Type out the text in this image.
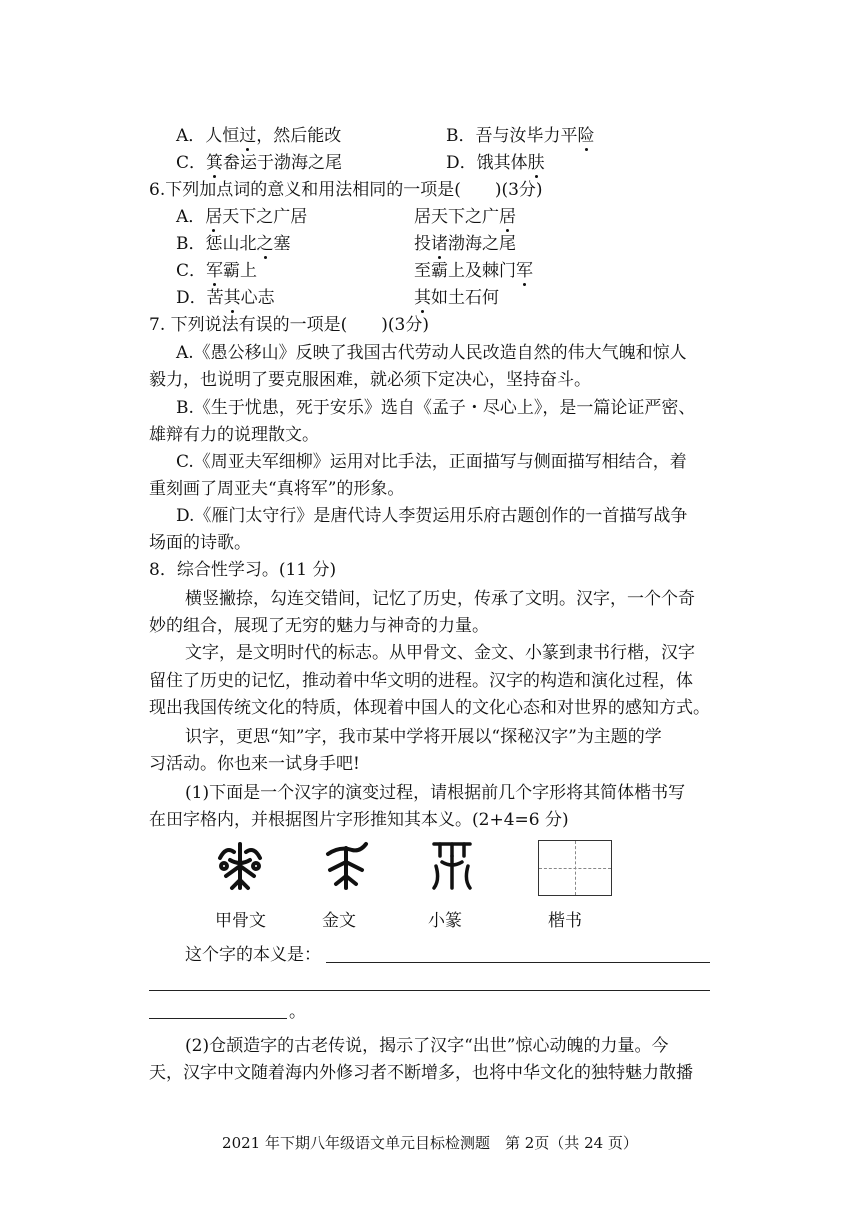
A．人恒过，然后能改	B．吾与汝毕力平险
C．箕畚运于渤海之尾	D．饿其体肤
6.下列加点词的意义和用法相同的一项是(　　)(3分)
A．居天下之广居	居天下之广居
B．惩山北之塞	投诸渤海之尾
C．军霸上	至霸上及棘门军
D．苦其心志	其如土石何
7. 下列说法有误的一项是(　　)(3分)
A.《愚公移山》反映了我国古代劳动人民改造自然的伟大气魄和惊人
毅力，也说明了要克服困难，就必须下定决心，坚持奋斗。
B.《生于忧患，死于安乐》选自《孟子・尽心上》，是一篇论证严密、
雄辩有力的说理散文。
C.《周亚夫军细柳》运用对比手法，正面描写与侧面描写相结合，着
重刻画了周亚夫“真将军”的形象。
D.《雁门太守行》是唐代诗人李贺运用乐府古题创作的一首描写战争
场面的诗歌。
8．综合性学习。(11 分)
横竖撇捺，勾连交错间，记忆了历史，传承了文明。汉字，一个个奇
妙的组合，展现了无穷的魅力与神奇的力量。
文字，是文明时代的标志。从甲骨文、金文、小篆到隶书行楷，汉字
留住了历史的记忆，推动着中华文明的进程。汉字的构造和演化过程，体
现出我国传统文化的特质，体现着中国人的文化心态和对世界的感知方式。
识字，更思“知”字，我市某中学将开展以“探秘汉字”为主题的学
习活动。你也来一试身手吧!
(1)下面是一个汉字的演变过程，请根据前几个字形将其简体楷书写
在田字格内，并根据图片字形推知其本义。(2+4=6 分)
甲骨文	金文	小篆	楷书
这个字的本义是：
。
(2)仓颉造字的古老传说，揭示了汉字“出世”惊心动魄的力量。今
天，汉字中文随着海内外修习者不断增多，也将中华文化的独特魅力散播
2021 年下期八年级语文单元目标检测题　第 2页（共 24 页）
